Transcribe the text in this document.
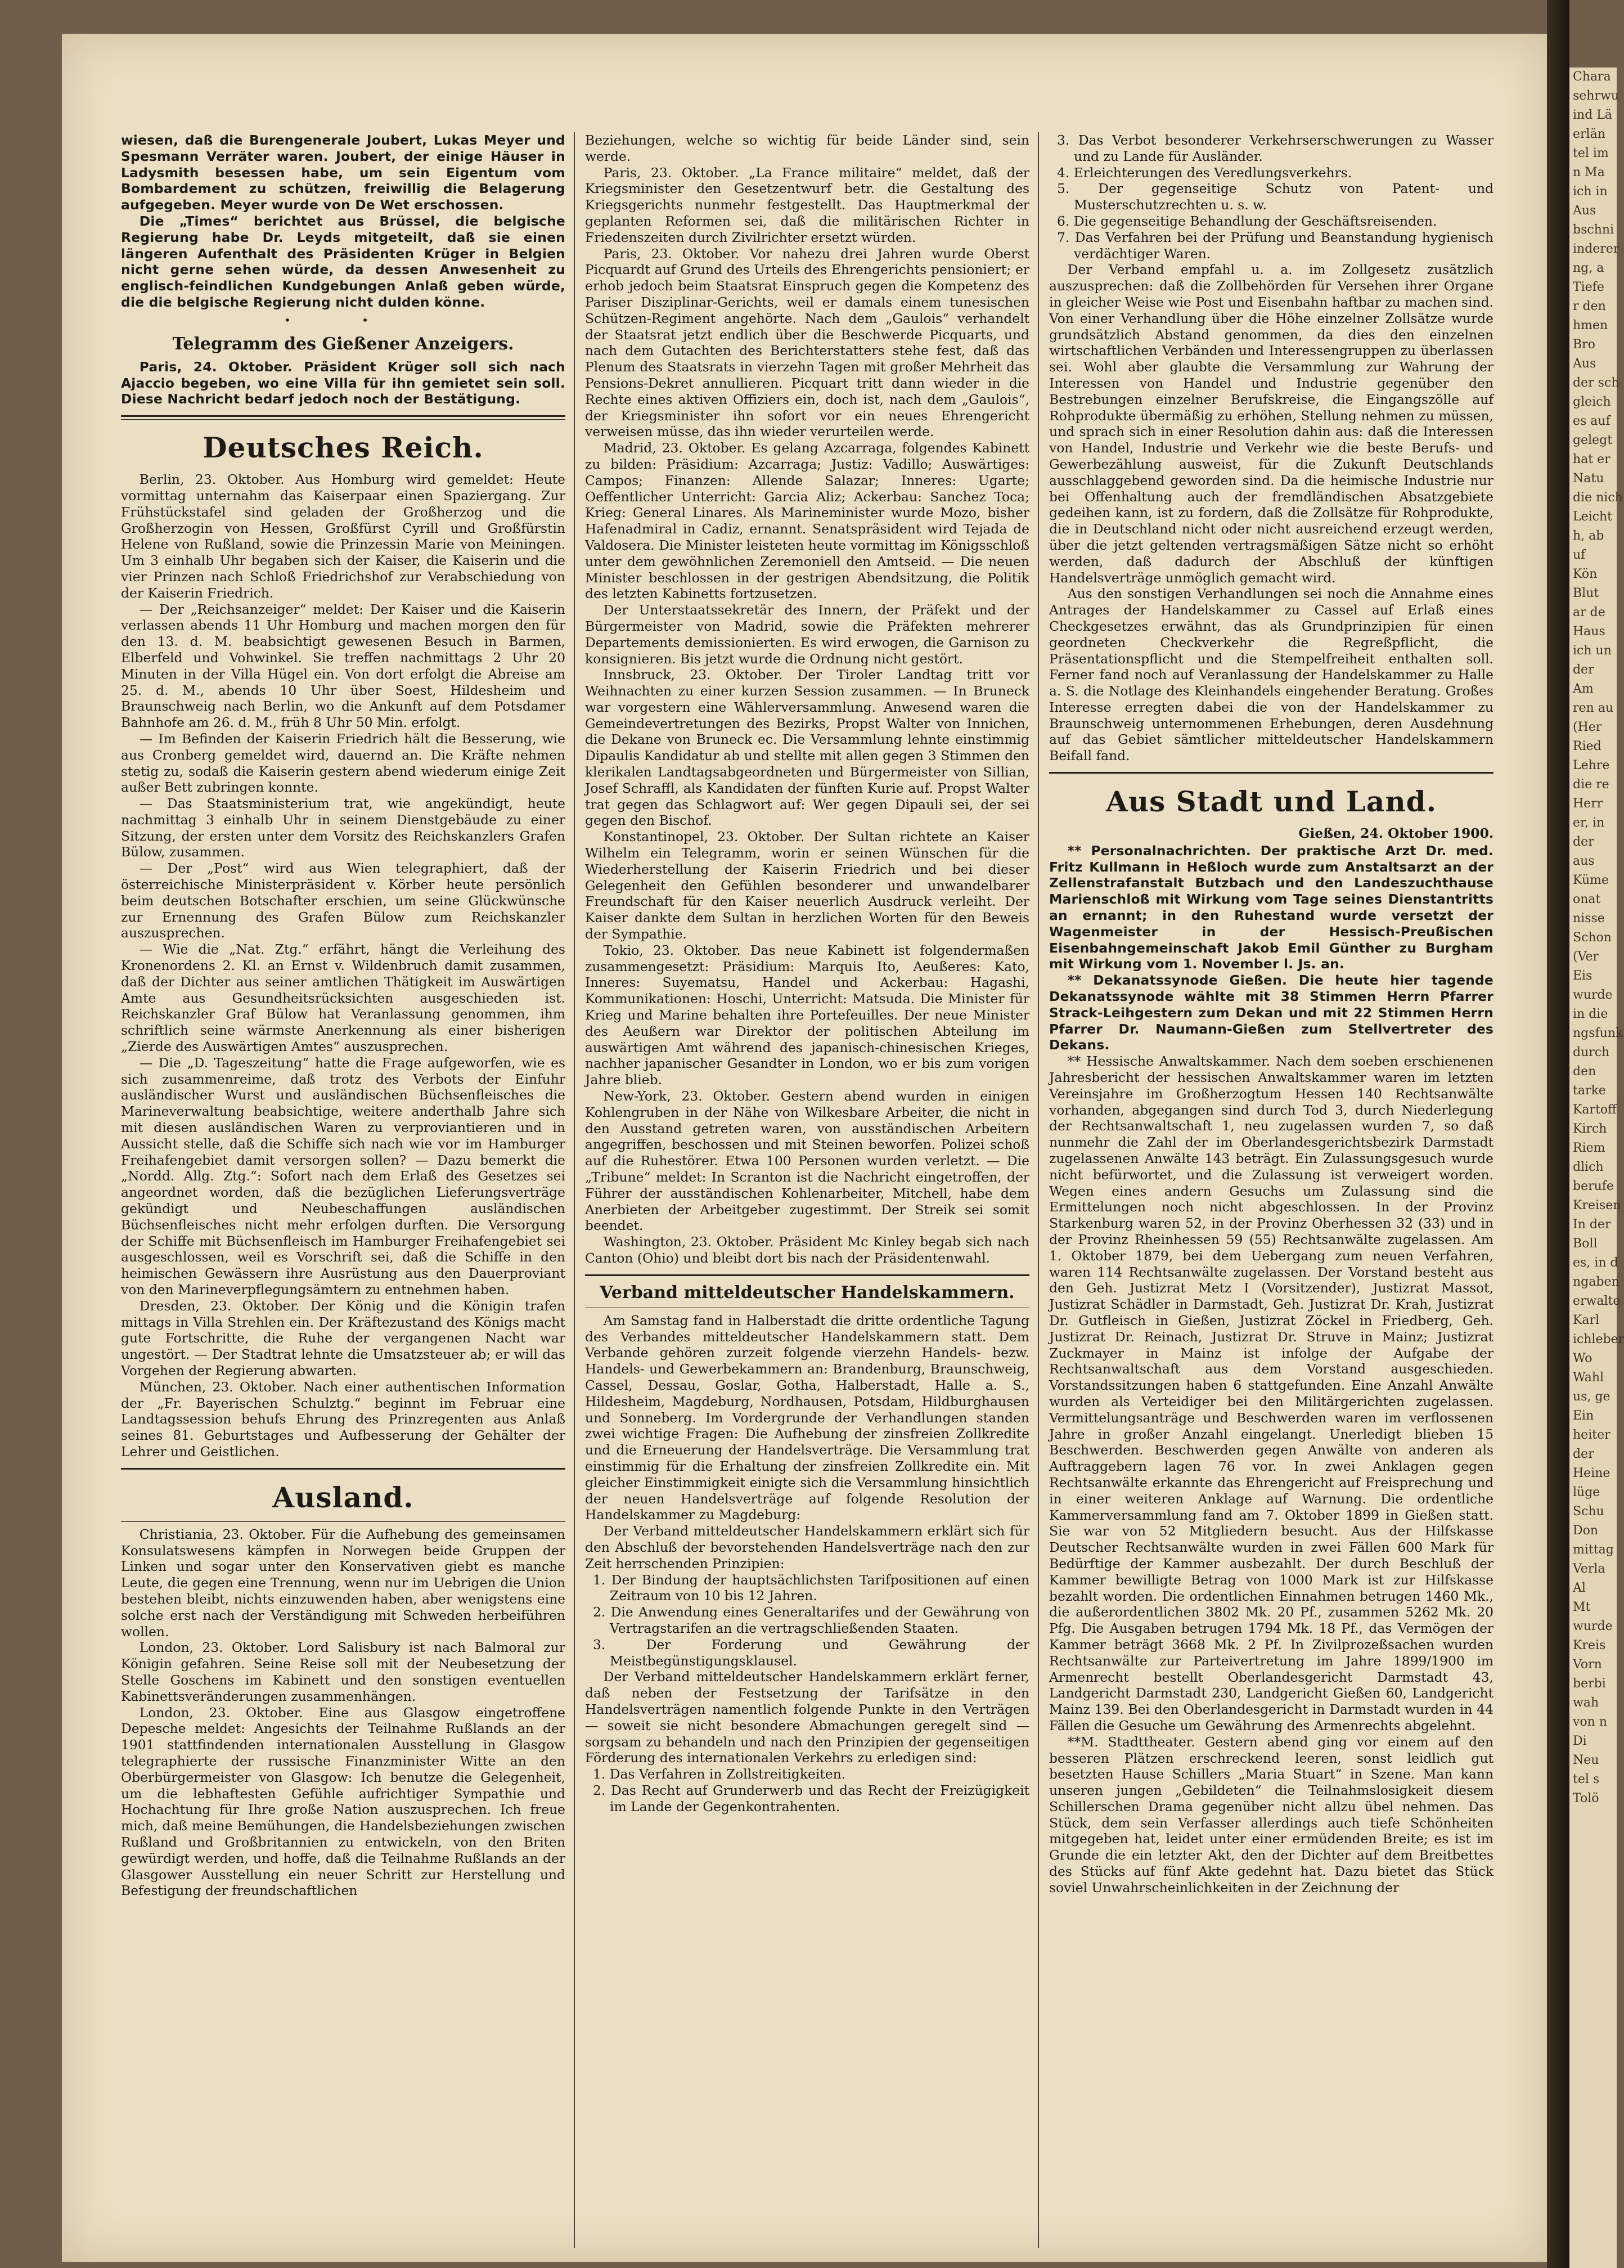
Chara
sehrwu
ind Lä
erlän
tel im
n Ma
ich in
Aus
bschni
inderer
ng, a
Tiefe
r den
hmen
Bro
Aus
der sch
gleich
es auf
gelegt
hat er
Natu
die nich
Leicht
h, ab
uf
Kön
Blut
ar de
Haus
ich un
der
Am
ren au
(Her
Ried
Lehre
die re
Herr
er, in
der
aus
Küme
onat
nisse
Schon
(Ver
Eis
wurde
in die
ngsfunk
durch
den
tarke
Kartoff
Kirch
Riem
dlich
berufe
Kreisen
In der
Boll
es, in d
ngaben
erwalte
Karl
ichleber
Wo
Wahl
us, ge
Ein
heiter
der
Heine
lüge
Schu
Don
mittag
Verla
Al
Mt
wurde
Kreis
Vorn
berbi
wah
von n
Di
Neu
tel s
Tolö

wiesen, daß die Burengenerale Joubert, Lukas Meyer und Spesmann Verräter waren. Joubert, der einige Häuser in Ladysmith besessen habe, um sein Eigentum vom Bombardement zu schützen, freiwillig die Belagerung aufgegeben. Meyer wurde von De Wet erschossen.

Die „Times“ berichtet aus Brüssel, die belgische Regierung habe Dr. Leyds mitgeteilt, daß sie einen längeren Aufenthalt des Präsidenten Krüger in Belgien nicht gerne sehen würde, da dessen Anwesenheit zu englisch-feindlichen Kundgebungen Anlaß geben würde, die die belgische Regierung nicht dulden könne.

• •
Telegramm des Gießener Anzeigers.

Paris, 24. Oktober. Präsident Krüger soll sich nach Ajaccio begeben, wo eine Villa für ihn gemietet sein soll. Diese Nachricht bedarf jedoch noch der Bestätigung.

Deutsches Reich.

Berlin, 23. Oktober. Aus Homburg wird gemeldet: Heute vormittag unternahm das Kaiserpaar einen Spaziergang. Zur Frühstückstafel sind geladen der Großherzog und die Großherzogin von Hessen, Großfürst Cyrill und Großfürstin Helene von Rußland, sowie die Prinzessin Marie von Meiningen. Um 3 einhalb Uhr begaben sich der Kaiser, die Kaiserin und die vier Prinzen nach Schloß Friedrichshof zur Verabschiedung von der Kaiserin Friedrich.

— Der „Reichsanzeiger“ meldet: Der Kaiser und die Kaiserin verlassen abends 11 Uhr Homburg und machen morgen den für den 13. d. M. beabsichtigt gewesenen Besuch in Barmen, Elberfeld und Vohwinkel. Sie treffen nachmittags 2 Uhr 20 Minuten in der Villa Hügel ein. Von dort erfolgt die Abreise am 25. d. M., abends 10 Uhr über Soest, Hildesheim und Braunschweig nach Berlin, wo die Ankunft auf dem Potsdamer Bahnhofe am 26. d. M., früh 8 Uhr 50 Min. erfolgt.

— Im Befinden der Kaiserin Friedrich hält die Besserung, wie aus Cronberg gemeldet wird, dauernd an. Die Kräfte nehmen stetig zu, sodaß die Kaiserin gestern abend wiederum einige Zeit außer Bett zubringen konnte.

— Das Staatsministerium trat, wie angekündigt, heute nachmittag 3 einhalb Uhr in seinem Dienstgebäude zu einer Sitzung, der ersten unter dem Vorsitz des Reichskanzlers Grafen Bülow, zusammen.

— Der „Post“ wird aus Wien telegraphiert, daß der österreichische Ministerpräsident v. Körber heute persönlich beim deutschen Botschafter erschien, um seine Glückwünsche zur Ernennung des Grafen Bülow zum Reichskanzler auszusprechen.

— Wie die „Nat. Ztg.“ erfährt, hängt die Verleihung des Kronenordens 2. Kl. an Ernst v. Wildenbruch damit zusammen, daß der Dichter aus seiner amtlichen Thätigkeit im Auswärtigen Amte aus Gesundheitsrücksichten ausgeschieden ist. Reichskanzler Graf Bülow hat Veranlassung genommen, ihm schriftlich seine wärmste Anerkennung als einer bisherigen „Zierde des Auswärtigen Amtes“ auszusprechen.

— Die „D. Tageszeitung“ hatte die Frage aufgeworfen, wie es sich zusammenreime, daß trotz des Verbots der Einfuhr ausländischer Wurst und ausländischen Büchsenfleisches die Marineverwaltung beabsichtige, weitere anderthalb Jahre sich mit diesen ausländischen Waren zu verproviantieren und in Aussicht stelle, daß die Schiffe sich nach wie vor im Hamburger Freihafengebiet damit versorgen sollen? — Dazu bemerkt die „Nordd. Allg. Ztg.“: Sofort nach dem Erlaß des Gesetzes sei angeordnet worden, daß die bezüglichen Lieferungsverträge gekündigt und Neubeschaffungen ausländischen Büchsenfleisches nicht mehr erfolgen durften. Die Versorgung der Schiffe mit Büchsenfleisch im Hamburger Freihafengebiet sei ausgeschlossen, weil es Vorschrift sei, daß die Schiffe in den heimischen Gewässern ihre Ausrüstung aus den Dauerproviant von den Marineverpflegungsämtern zu entnehmen haben.

Dresden, 23. Oktober. Der König und die Königin trafen mittags in Villa Strehlen ein. Der Kräftezustand des Königs macht gute Fortschritte, die Ruhe der vergangenen Nacht war ungestört. — Der Stadtrat lehnte die Umsatzsteuer ab; er will das Vorgehen der Regierung abwarten.

München, 23. Oktober. Nach einer authentischen Information der „Fr. Bayerischen Schulztg.“ beginnt im Februar eine Landtagssession behufs Ehrung des Prinzregenten aus Anlaß seines 81. Geburtstages und Aufbesserung der Gehälter der Lehrer und Geistlichen.

Ausland.

Christiania, 23. Oktober. Für die Aufhebung des gemeinsamen Konsulatswesens kämpfen in Norwegen beide Gruppen der Linken und sogar unter den Konservativen giebt es manche Leute, die gegen eine Trennung, wenn nur im Uebrigen die Union bestehen bleibt, nichts einzuwenden haben, aber wenigstens eine solche erst nach der Verständigung mit Schweden herbeiführen wollen.

London, 23. Oktober. Lord Salisbury ist nach Balmoral zur Königin gefahren. Seine Reise soll mit der Neubesetzung der Stelle Goschens im Kabinett und den sonstigen eventuellen Kabinettsveränderungen zusammenhängen.

London, 23. Oktober. Eine aus Glasgow eingetroffene Depesche meldet: Angesichts der Teilnahme Rußlands an der 1901 stattfindenden internationalen Ausstellung in Glasgow telegraphierte der russische Finanzminister Witte an den Oberbürgermeister von Glasgow: Ich benutze die Gelegenheit, um die lebhaftesten Gefühle aufrichtiger Sympathie und Hochachtung für Ihre große Nation auszusprechen. Ich freue mich, daß meine Bemühungen, die Handelsbeziehungen zwischen Rußland und Großbritannien zu entwickeln, von den Briten gewürdigt werden, und hoffe, daß die Teilnahme Rußlands an der Glasgower Ausstellung ein neuer Schritt zur Herstellung und Befestigung der freundschaftlichen

Beziehungen, welche so wichtig für beide Länder sind, sein werde.

Paris, 23. Oktober. „La France militaire“ meldet, daß der Kriegsminister den Gesetzentwurf betr. die Gestaltung des Kriegsgerichts nunmehr festgestellt. Das Hauptmerkmal der geplanten Reformen sei, daß die militärischen Richter in Friedenszeiten durch Zivilrichter ersetzt würden.

Paris, 23. Oktober. Vor nahezu drei Jahren wurde Oberst Picquardt auf Grund des Urteils des Ehrengerichts pensioniert; er erhob jedoch beim Staatsrat Einspruch gegen die Kompetenz des Pariser Disziplinar-Gerichts, weil er damals einem tunesischen Schützen-Regiment angehörte. Nach dem „Gaulois“ verhandelt der Staatsrat jetzt endlich über die Beschwerde Picquarts, und nach dem Gutachten des Berichterstatters stehe fest, daß das Plenum des Staatsrats in vierzehn Tagen mit großer Mehrheit das Pensions-Dekret annullieren. Picquart tritt dann wieder in die Rechte eines aktiven Offiziers ein, doch ist, nach dem „Gaulois“, der Kriegsminister ihn sofort vor ein neues Ehrengericht verweisen müsse, das ihn wieder verurteilen werde.

Madrid, 23. Oktober. Es gelang Azcarraga, folgendes Kabinett zu bilden: Präsidium: Azcarraga; Justiz: Vadillo; Auswärtiges: Campos; Finanzen: Allende Salazar; Inneres: Ugarte; Oeffentlicher Unterricht: Garcia Aliz; Ackerbau: Sanchez Toca; Krieg: General Linares. Als Marineminister wurde Mozo, bisher Hafenadmiral in Cadiz, ernannt. Senatspräsident wird Tejada de Valdosera. Die Minister leisteten heute vormittag im Königsschloß unter dem gewöhnlichen Zeremoniell den Amtseid. — Die neuen Minister beschlossen in der gestrigen Abendsitzung, die Politik des letzten Kabinetts fortzusetzen.

Der Unterstaatssekretär des Innern, der Präfekt und der Bürgermeister von Madrid, sowie die Präfekten mehrerer Departements demissionierten. Es wird erwogen, die Garnison zu konsignieren. Bis jetzt wurde die Ordnung nicht gestört.

Innsbruck, 23. Oktober. Der Tiroler Landtag tritt vor Weihnachten zu einer kurzen Session zusammen. — In Bruneck war vorgestern eine Wählerversammlung. Anwesend waren die Gemeindevertretungen des Bezirks, Propst Walter von Innichen, die Dekane von Bruneck ec. Die Versammlung lehnte einstimmig Dipaulis Kandidatur ab und stellte mit allen gegen 3 Stimmen den klerikalen Landtagsabgeordneten und Bürgermeister von Sillian, Josef Schraffl, als Kandidaten der fünften Kurie auf. Propst Walter trat gegen das Schlagwort auf: Wer gegen Dipauli sei, der sei gegen den Bischof.

Konstantinopel, 23. Oktober. Der Sultan richtete an Kaiser Wilhelm ein Telegramm, worin er seinen Wünschen für die Wiederherstellung der Kaiserin Friedrich und bei dieser Gelegenheit den Gefühlen besonderer und unwandelbarer Freundschaft für den Kaiser neuerlich Ausdruck verleiht. Der Kaiser dankte dem Sultan in herzlichen Worten für den Beweis der Sympathie.

Tokio, 23. Oktober. Das neue Kabinett ist folgendermaßen zusammengesetzt: Präsidium: Marquis Ito, Aeußeres: Kato, Inneres: Suyematsu, Handel und Ackerbau: Hagashi, Kommunikationen: Hoschi, Unterricht: Matsuda. Die Minister für Krieg und Marine behalten ihre Portefeuilles. Der neue Minister des Aeußern war Direktor der politischen Abteilung im auswärtigen Amt während des japanisch-chinesischen Krieges, nachher japanischer Gesandter in London, wo er bis zum vorigen Jahre blieb.

New-York, 23. Oktober. Gestern abend wurden in einigen Kohlengruben in der Nähe von Wilkesbare Arbeiter, die nicht in den Ausstand getreten waren, von ausständischen Arbeitern angegriffen, beschossen und mit Steinen beworfen. Polizei schoß auf die Ruhestörer. Etwa 100 Personen wurden verletzt. — Die „Tribune“ meldet: In Scranton ist die Nachricht eingetroffen, der Führer der ausständischen Kohlenarbeiter, Mitchell, habe dem Anerbieten der Arbeitgeber zugestimmt. Der Streik sei somit beendet.

Washington, 23. Oktober. Präsident Mc Kinley begab sich nach Canton (Ohio) und bleibt dort bis nach der Präsidentenwahl.

Verband mitteldeutscher Handelskammern.

Am Samstag fand in Halberstadt die dritte ordentliche Tagung des Verbandes mitteldeutscher Handelskammern statt. Dem Verbande gehören zurzeit folgende vierzehn Handels- bezw. Handels- und Gewerbekammern an: Brandenburg, Braunschweig, Cassel, Dessau, Goslar, Gotha, Halberstadt, Halle a. S., Hildesheim, Magdeburg, Nordhausen, Potsdam, Hildburghausen und Sonneberg. Im Vordergrunde der Verhandlungen standen zwei wichtige Fragen: Die Aufhebung der zinsfreien Zollkredite und die Erneuerung der Handelsverträge. Die Versammlung trat einstimmig für die Erhaltung der zinsfreien Zollkredite ein. Mit gleicher Einstimmigkeit einigte sich die Versammlung hinsichtlich der neuen Handelsverträge auf folgende Resolution der Handelskammer zu Magdeburg:

Der Verband mitteldeutscher Handelskammern erklärt sich für den Abschluß der bevorstehenden Handelsverträge nach den zur Zeit herrschenden Prinzipien:

1. Der Bindung der hauptsächlichsten Tarifpositionen auf einen Zeitraum von 10 bis 12 Jahren.

2. Die Anwendung eines Generaltarifes und der Gewährung von Vertragstarifen an die vertragschließenden Staaten.

3. Der Forderung und Gewährung der Meistbegünstigungsklausel.

Der Verband mitteldeutscher Handelskammern erklärt ferner, daß neben der Festsetzung der Tarifsätze in den Handelsverträgen namentlich folgende Punkte in den Verträgen — soweit sie nicht besondere Abmachungen geregelt sind — sorgsam zu behandeln und nach den Prinzipien der gegenseitigen Förderung des internationalen Verkehrs zu erledigen sind:

1. Das Verfahren in Zollstreitigkeiten.

2. Das Recht auf Grunderwerb und das Recht der Freizügigkeit im Lande der Gegenkontrahenten.

3. Das Verbot besonderer Verkehrserschwerungen zu Wasser und zu Lande für Ausländer.

4. Erleichterungen des Veredlungsverkehrs.

5. Der gegenseitige Schutz von Patent- und Musterschutzrechten u. s. w.

6. Die gegenseitige Behandlung der Geschäftsreisenden.

7. Das Verfahren bei der Prüfung und Beanstandung hygienisch verdächtiger Waren.

Der Verband empfahl u. a. im Zollgesetz zusätzlich auszusprechen: daß die Zollbehörden für Versehen ihrer Organe in gleicher Weise wie Post und Eisenbahn haftbar zu machen sind. Von einer Verhandlung über die Höhe einzelner Zollsätze wurde grundsätzlich Abstand genommen, da dies den einzelnen wirtschaftlichen Verbänden und Interessengruppen zu überlassen sei. Wohl aber glaubte die Versammlung zur Wahrung der Interessen von Handel und Industrie gegenüber den Bestrebungen einzelner Berufskreise, die Eingangszölle auf Rohprodukte übermäßig zu erhöhen, Stellung nehmen zu müssen, und sprach sich in einer Resolution dahin aus: daß die Interessen von Handel, Industrie und Verkehr wie die beste Berufs- und Gewerbezählung ausweist, für die Zukunft Deutschlands ausschlaggebend geworden sind. Da die heimische Industrie nur bei Offenhaltung auch der fremdländischen Absatzgebiete gedeihen kann, ist zu fordern, daß die Zollsätze für Rohprodukte, die in Deutschland nicht oder nicht ausreichend erzeugt werden, über die jetzt geltenden vertragsmäßigen Sätze nicht so erhöht werden, daß dadurch der Abschluß der künftigen Handelsverträge unmöglich gemacht wird.

Aus den sonstigen Verhandlungen sei noch die Annahme eines Antrages der Handelskammer zu Cassel auf Erlaß eines Checkgesetzes erwähnt, das als Grundprinzipien für einen geordneten Checkverkehr die Regreßpflicht, die Präsentationspflicht und die Stempelfreiheit enthalten soll. Ferner fand noch auf Veranlassung der Handelskammer zu Halle a. S. die Notlage des Kleinhandels eingehender Beratung. Großes Interesse erregten dabei die von der Handelskammer zu Braunschweig unternommenen Erhebungen, deren Ausdehnung auf das Gebiet sämtlicher mitteldeutscher Handelskammern Beifall fand.

Aus Stadt und Land.
Gießen, 24. Oktober 1900.

** Personalnachrichten. Der praktische Arzt Dr. med. Fritz Kullmann in Heßloch wurde zum Anstaltsarzt an der Zellenstrafanstalt Butzbach und den Landeszuchthause Marienschloß mit Wirkung vom Tage seines Dienstantritts an ernannt; in den Ruhestand wurde versetzt der Wagenmeister in der Hessisch-Preußischen Eisenbahngemeinschaft Jakob Emil Günther zu Burgham mit Wirkung vom 1. November l. Js. an.

** Dekanatssynode Gießen. Die heute hier tagende Dekanatssynode wählte mit 38 Stimmen Herrn Pfarrer Strack-Leihgestern zum Dekan und mit 22 Stimmen Herrn Pfarrer Dr. Naumann-Gießen zum Stellvertreter des Dekans.

** Hessische Anwaltskammer. Nach dem soeben erschienenen Jahresbericht der hessischen Anwaltskammer waren im letzten Vereinsjahre im Großherzogtum Hessen 140 Rechtsanwälte vorhanden, abgegangen sind durch Tod 3, durch Niederlegung der Rechtsanwaltschaft 1, neu zugelassen wurden 7, so daß nunmehr die Zahl der im Oberlandesgerichtsbezirk Darmstadt zugelassenen Anwälte 143 beträgt. Ein Zulassungsgesuch wurde nicht befürwortet, und die Zulassung ist verweigert worden. Wegen eines andern Gesuchs um Zulassung sind die Ermittelungen noch nicht abgeschlossen. In der Provinz Starkenburg waren 52, in der Provinz Oberhessen 32 (33) und in der Provinz Rheinhessen 59 (55) Rechtsanwälte zugelassen. Am 1. Oktober 1879, bei dem Uebergang zum neuen Verfahren, waren 114 Rechtsanwälte zugelassen. Der Vorstand besteht aus den Geh. Justizrat Metz I (Vorsitzender), Justizrat Massot, Justizrat Schädler in Darmstadt, Geh. Justizrat Dr. Krah, Justizrat Dr. Gutfleisch in Gießen, Justizrat Zöckel in Friedberg, Geh. Justizrat Dr. Reinach, Justizrat Dr. Struve in Mainz; Justizrat Zuckmayer in Mainz ist infolge der Aufgabe der Rechtsanwaltschaft aus dem Vorstand ausgeschieden. Vorstandssitzungen haben 6 stattgefunden. Eine Anzahl Anwälte wurden als Verteidiger bei den Militärgerichten zugelassen. Vermittelungsanträge und Beschwerden waren im verflossenen Jahre in großer Anzahl eingelangt. Unerledigt blieben 15 Beschwerden. Beschwerden gegen Anwälte von anderen als Auftraggebern lagen 76 vor. In zwei Anklagen gegen Rechtsanwälte erkannte das Ehrengericht auf Freisprechung und in einer weiteren Anklage auf Warnung. Die ordentliche Kammerversammlung fand am 7. Oktober 1899 in Gießen statt. Sie war von 52 Mitgliedern besucht. Aus der Hilfskasse Deutscher Rechtsanwälte wurden in zwei Fällen 600 Mark für Bedürftige der Kammer ausbezahlt. Der durch Beschluß der Kammer bewilligte Betrag von 1000 Mark ist zur Hilfskasse bezahlt worden. Die ordentlichen Einnahmen betrugen 1460 Mk., die außerordentlichen 3802 Mk. 20 Pf., zusammen 5262 Mk. 20 Pfg. Die Ausgaben betrugen 1794 Mk. 18 Pf., das Vermögen der Kammer beträgt 3668 Mk. 2 Pf. In Zivilprozeßsachen wurden Rechtsanwälte zur Parteivertretung im Jahre 1899/1900 im Armenrecht bestellt Oberlandesgericht Darmstadt 43, Landgericht Darmstadt 230, Landgericht Gießen 60, Landgericht Mainz 139. Bei den Oberlandesgericht in Darmstadt wurden in 44 Fällen die Gesuche um Gewährung des Armenrechts abgelehnt.

**M. Stadttheater. Gestern abend ging vor einem auf den besseren Plätzen erschreckend leeren, sonst leidlich gut besetzten Hause Schillers „Maria Stuart“ in Szene. Man kann unseren jungen „Gebildeten“ die Teilnahmslosigkeit diesem Schillerschen Drama gegenüber nicht allzu übel nehmen. Das Stück, dem sein Verfasser allerdings auch tiefe Schönheiten mitgegeben hat, leidet unter einer ermüdenden Breite; es ist im Grunde die ein letzter Akt, den der Dichter auf dem Breitbettes des Stücks auf fünf Akte gedehnt hat. Dazu bietet das Stück soviel Unwahrscheinlichkeiten in der Zeichnung der
